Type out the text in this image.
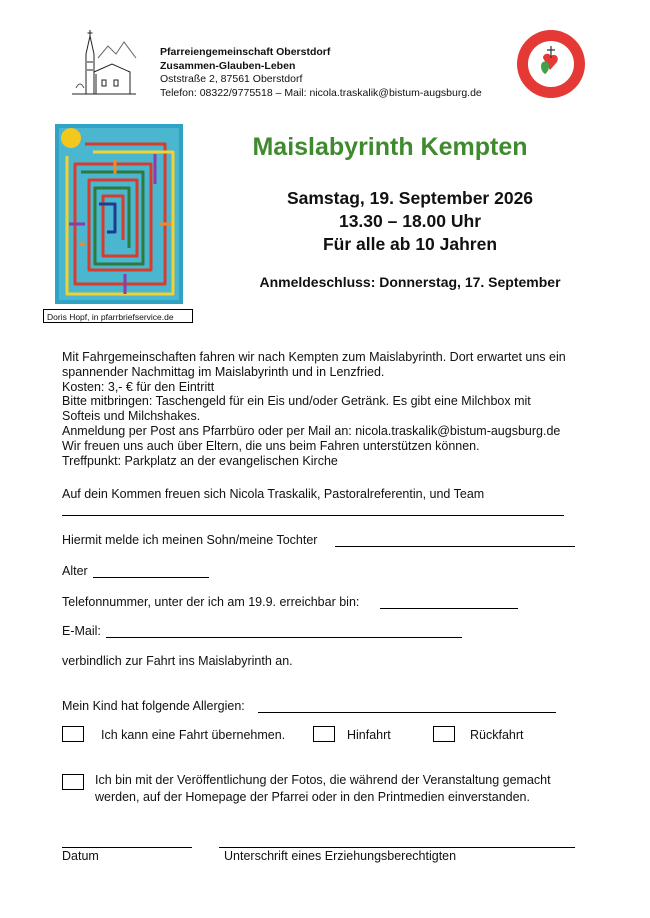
Pfarreiengemeinschaft Oberstdorf
Zusammen-Glauben-Leben
Oststraße 2, 87561 Oberstdorf
Telefon: 08322/9775518 – Mail: nicola.traskalik@bistum-augsburg.de
Doris Hopf, in pfarrbriefservice.de
Maislabyrinth Kempten
Samstag, 19. September 2026
13.30 – 18.00 Uhr
Für alle ab 10 Jahren
Anmeldeschluss: Donnerstag, 17. September
Mit Fahrgemeinschaften fahren wir nach Kempten zum Maislabyrinth. Dort erwartet uns ein
spannender Nachmittag im Maislabyrinth und in Lenzfried.
Kosten: 3,- € für den Eintritt
Bitte mitbringen: Taschengeld für ein Eis und/oder Getränk. Es gibt eine Milchbox mit
Softeis und Milchshakes.
Anmeldung per Post ans Pfarrbüro oder per Mail an: nicola.traskalik@bistum-augsburg.de
Wir freuen uns auch über Eltern, die uns beim Fahren unterstützen können.
Treffpunkt: Parkplatz an der evangelischen Kirche
Auf dein Kommen freuen sich Nicola Traskalik, Pastoralreferentin, und Team
Hiermit melde ich meinen Sohn/meine Tochter
Alter
Telefonnummer, unter der ich am 19.9. erreichbar bin:
E-Mail:
verbindlich zur Fahrt ins Maislabyrinth an.
Mein Kind hat folgende Allergien:
Ich kann eine Fahrt übernehmen.	Hinfahrt	Rückfahrt
Ich bin mit der Veröffentlichung der Fotos, die während der Veranstaltung gemacht
werden, auf der Homepage der Pfarrei oder in den Printmedien einverstanden.
Datum	Unterschrift eines Erziehungsberechtigten
